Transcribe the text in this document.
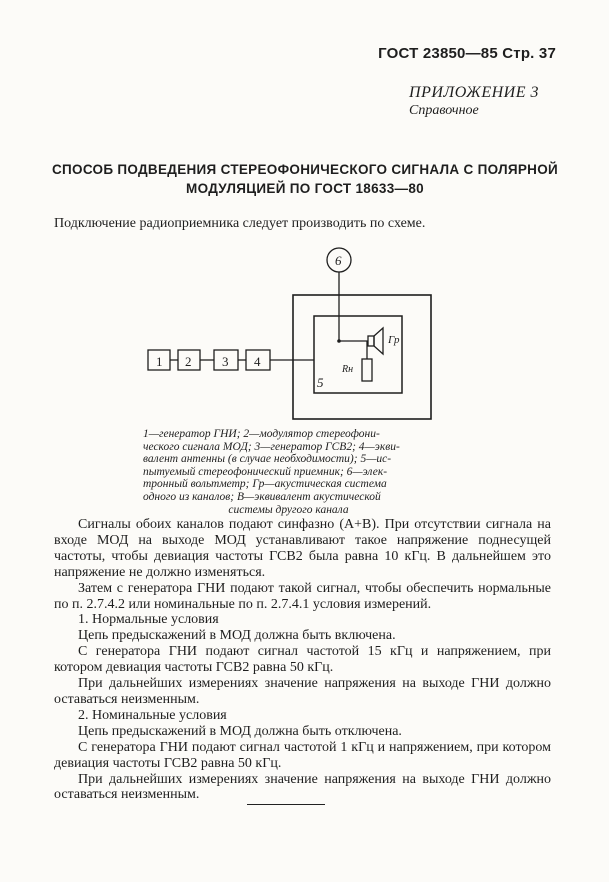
ГОСТ 23850—85 Стр. 37
ПРИЛОЖЕНИЕ 3
Справочное
СПОСОБ ПОДВЕДЕНИЯ СТЕРЕОФОНИЧЕСКОГО СИГНАЛА С ПОЛЯРНОЙ
МОДУЛЯЦИЕЙ ПО ГОСТ 18633—80
Подключение радиоприемника следует производить по схеме.
1 2 3 4
6
5
Гр
Rн
1—генератор ГНИ; 2—модулятор стереофони-
ческого сигнала МОД; 3—генератор ГСВ2; 4—экви-
валент антенны (в случае необходимости); 5—ис-
пытуемый стереофонический приемник; 6—элек-
тронный вольтметр; Гр—акустическая система
одного из каналов; В—эквивалент акустической
системы другого канала

Сигналы обоих каналов подают синфазно (A+B). При отсутствии сигнала на входе МОД на выходе МОД устанавливают такое напряжение поднесущей частоты, чтобы девиация частоты ГСВ2 была равна 10 кГц. В дальнейшем это напряжение не должно изменяться.

Затем с генератора ГНИ подают такой сигнал, чтобы обеспечить нормальные по п. 2.7.4.2 или номинальные по п. 2.7.4.1 условия измерений.

1. Нормальные условия

Цепь предыскажений в МОД должна быть включена.

С генератора ГНИ подают сигнал частотой 15 кГц и напряжением, при котором девиация частоты ГСВ2 равна 50 кГц.

При дальнейших измерениях значение напряжения на выходе ГНИ должно оставаться неизменным.

2. Номинальные условия

Цепь предыскажений в МОД должна быть отключена.

С генератора ГНИ подают сигнал частотой 1 кГц и напряжением, при котором девиация частоты ГСВ2 равна 50 кГц.

При дальнейших измерениях значение напряжения на выходе ГНИ должно оставаться неизменным.
